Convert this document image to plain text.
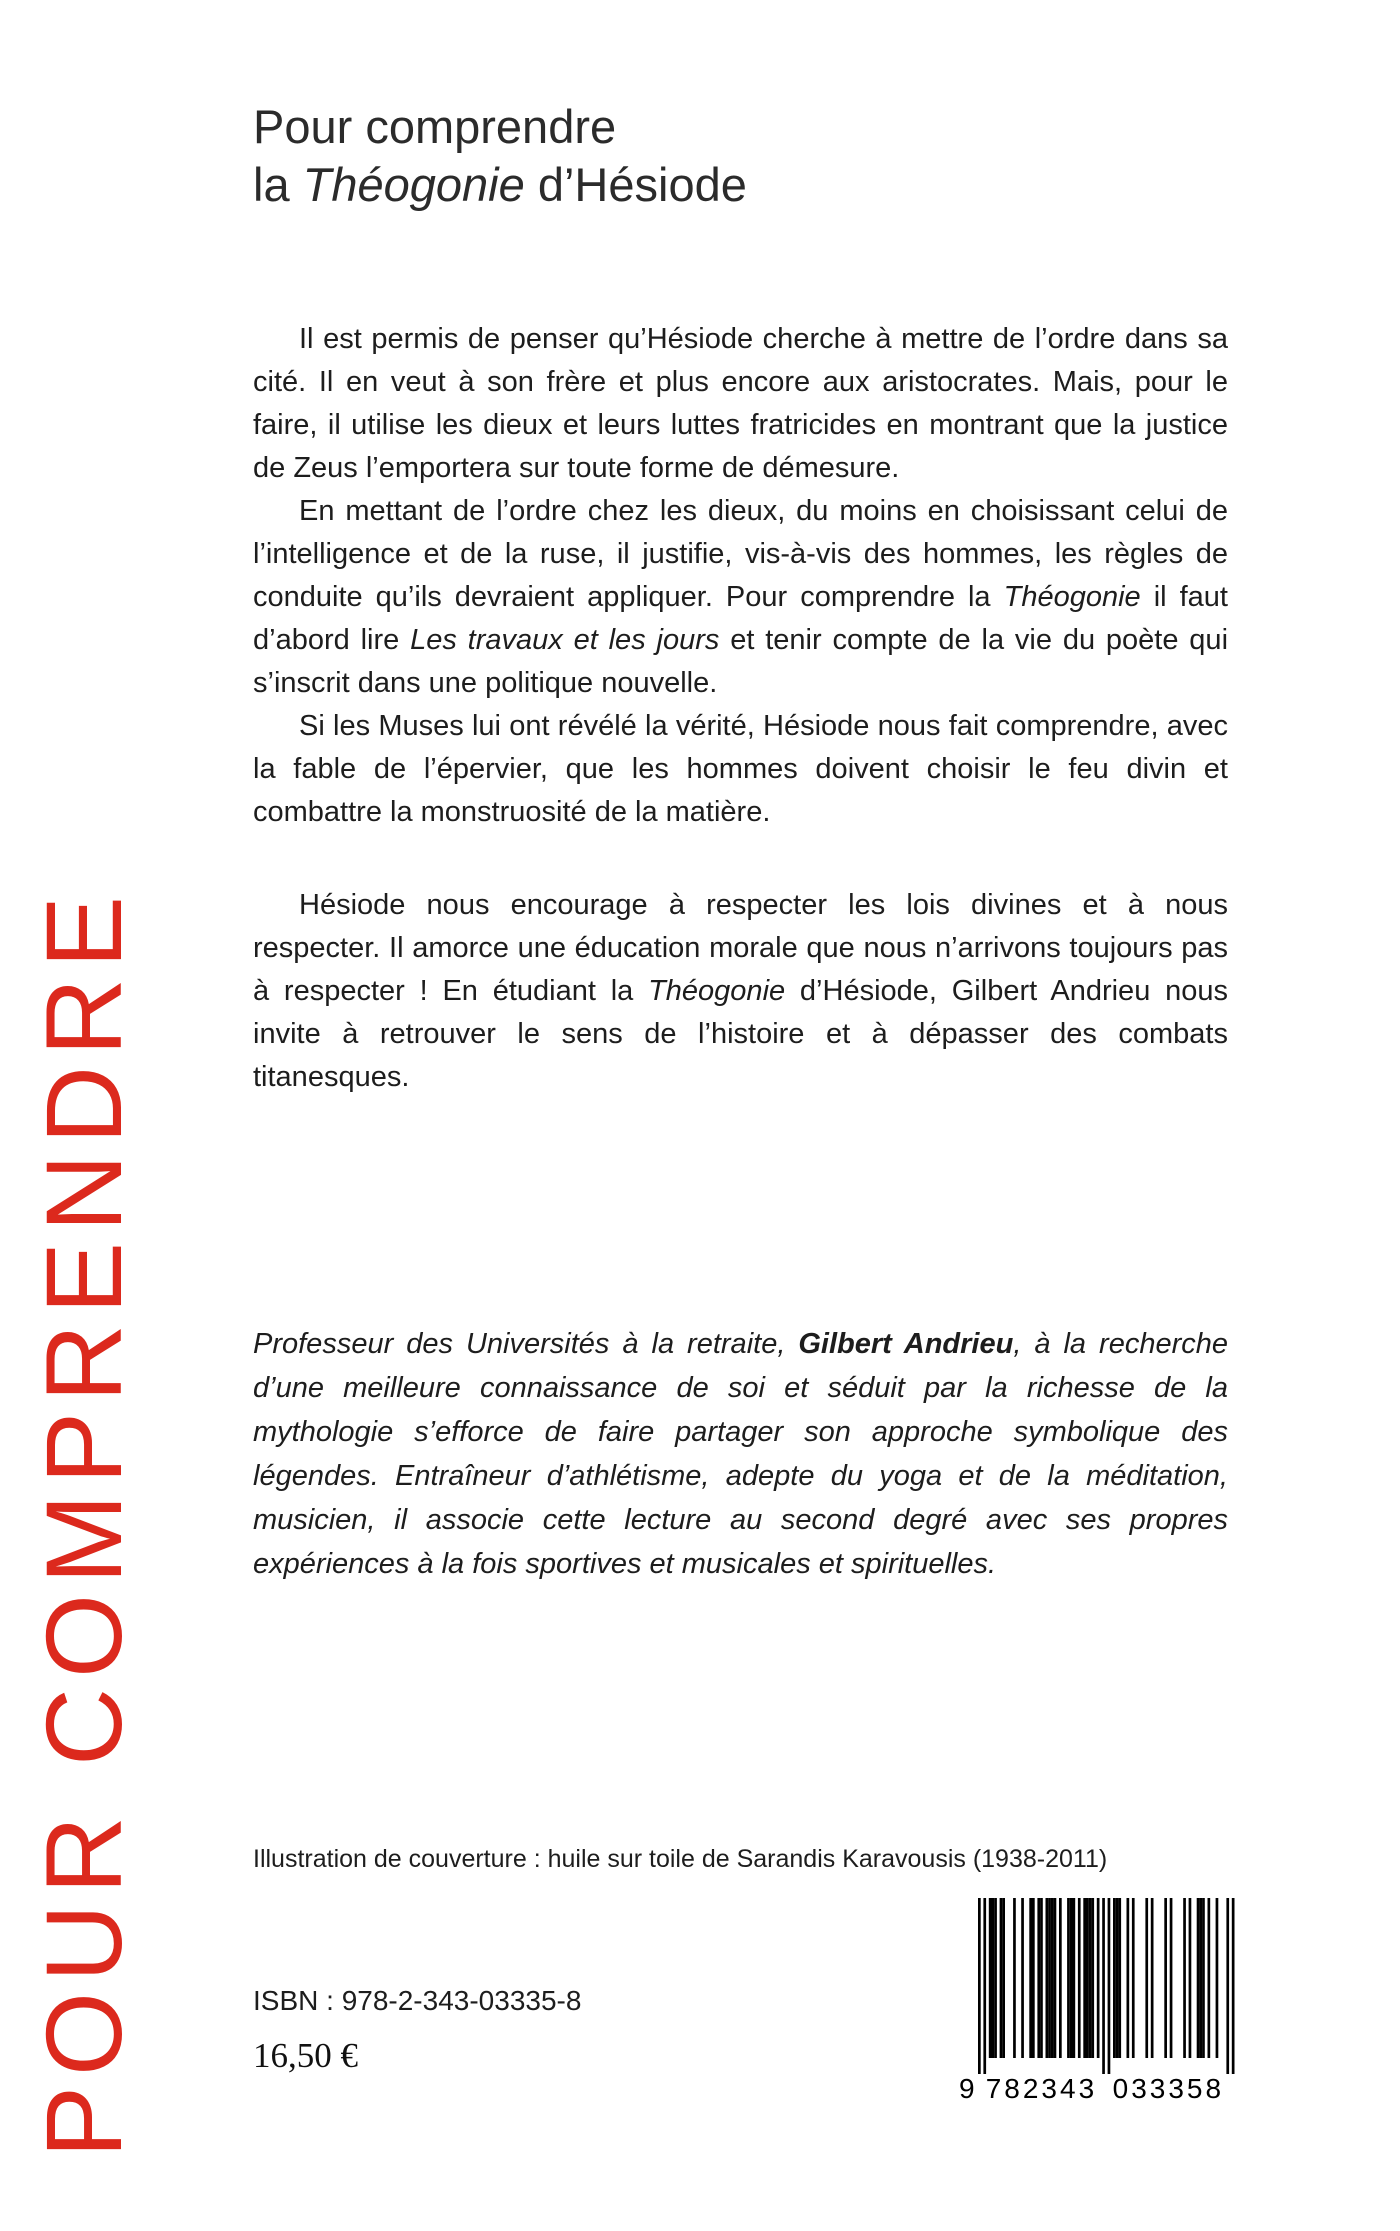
POUR COMPRENDRE
Pour comprendre
la Théogonie d’Hésiode

Il est permis de penser qu’Hésiode cherche à mettre de l’ordre dans sa cité. Il en veut à son frère et plus encore aux aristocrates. Mais, pour le faire, il utilise les dieux et leurs luttes fratricides en montrant que la justice de Zeus l’emportera sur toute forme de démesure.

En mettant de l’ordre chez les dieux, du moins en choisissant celui de l’intelligence et de la ruse, il justifie, vis-à-vis des hommes, les règles de conduite qu’ils devraient appliquer. Pour comprendre la Théogonie il faut d’abord lire Les travaux et les jours et tenir compte de la vie du poète qui s’inscrit dans une politique nouvelle.

Si les Muses lui ont révélé la vérité, Hésiode nous fait comprendre, avec la fable de l’épervier, que les hommes doivent choisir le feu divin et combattre la monstruosité de la matière.

Hésiode nous encourage à respecter les lois divines et à nous respecter. Il amorce une éducation morale que nous n’arrivons toujours pas à respecter ! En étudiant la Théogonie d’Hésiode, Gilbert Andrieu nous invite à retrouver le sens de l’histoire et à dépasser des combats titanesques.

Professeur des Universités à la retraite, Gilbert Andrieu, à la recherche d’une meilleure connaissance de soi et séduit par la richesse de la mythologie s’efforce de faire partager son approche symbolique des légendes. Entraîneur d’athlétisme, adepte du yoga et de la méditation, musicien, il associe cette lecture au second degré avec ses propres expériences à la fois sportives et musicales et spirituelles.

Illustration de couverture : huile sur toile de Sarandis Karavousis (1938-2011)
ISBN : 978-2-343-03335-8
16,50 €
9 782343 033358
